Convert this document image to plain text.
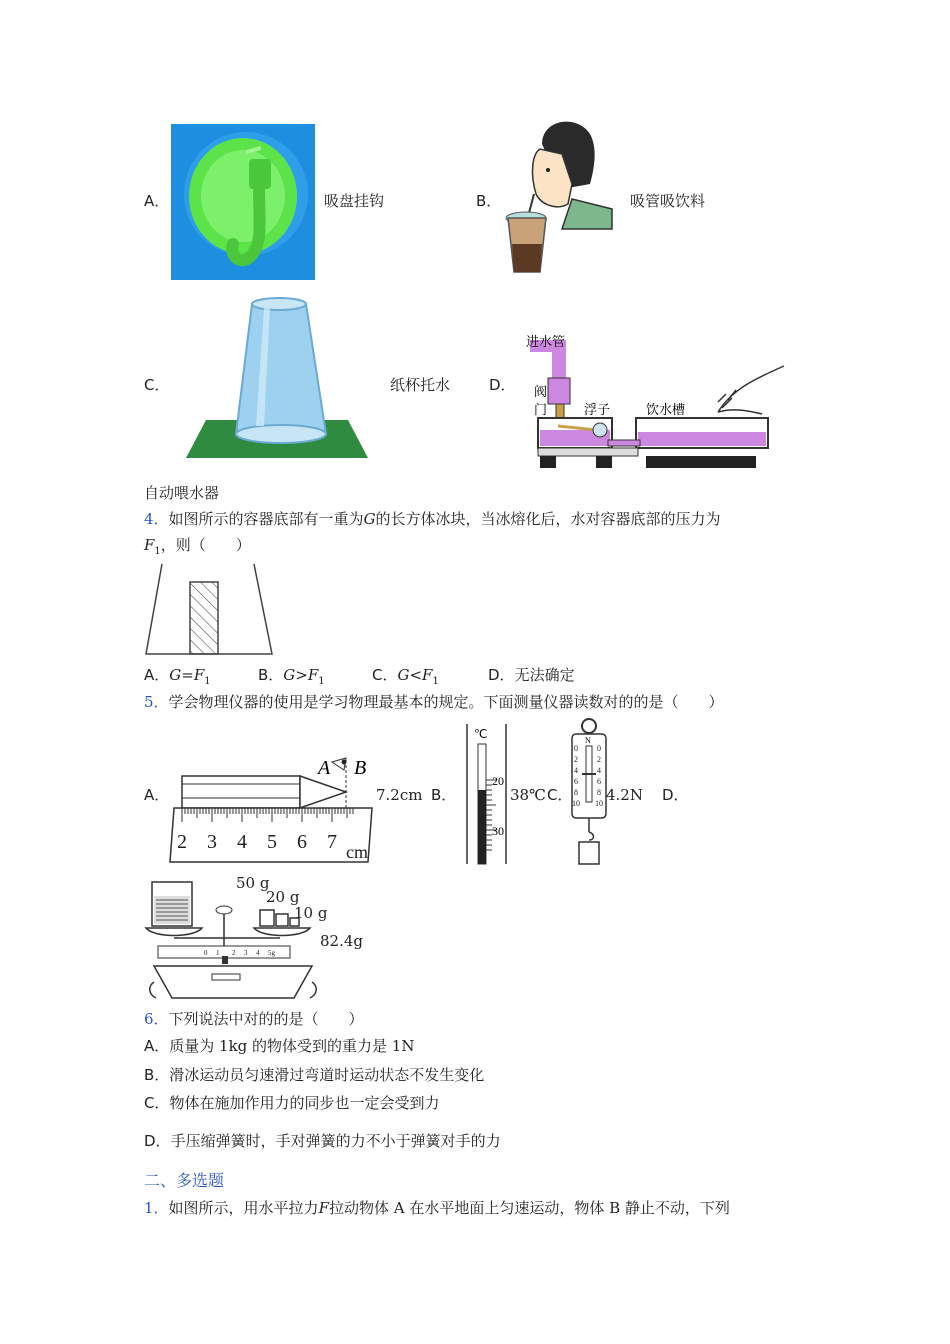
A．	吸盘挂钩	B．	吸管吸饮料
C．	纸杯托水	D．
进水管
阀
门	浮子	饮水槽
自动喂水器
4．如图所示的容器底部有一重为G的长方体冰块，当冰熔化后，水对容器底部的压力为
$F_1$，则（　　）
A．$G=F_1$	B．$G>F_1$	C．$G<F_1$	D．无法确定
5．学会物理仪器的使用是学习物理最基本的规定。下面测量仪器读数对的的是（　　）
A．
2 3 4 5 6 7 cm
A B
7.2cm B．
℃
20
30
38℃ C．
N
0
2
4
6
8
10
0
2
4
6
8
10 4.2N D．
0 1 2 3 4 5g
50 g
20 g
10 g
82.4g
6．下列说法中对的的是（　　）
A．质量为 1kg 的物体受到的重力是 1N
B．滑冰运动员匀速滑过弯道时运动状态不发生变化
C．物体在施加作用力的同步也一定会受到力
D．手压缩弹簧时，手对弹簧的力不小于弹簧对手的力
二、多选题
1．如图所示，用水平拉力F拉动物体 A 在水平地面上匀速运动，物体 B 静止不动，下列
